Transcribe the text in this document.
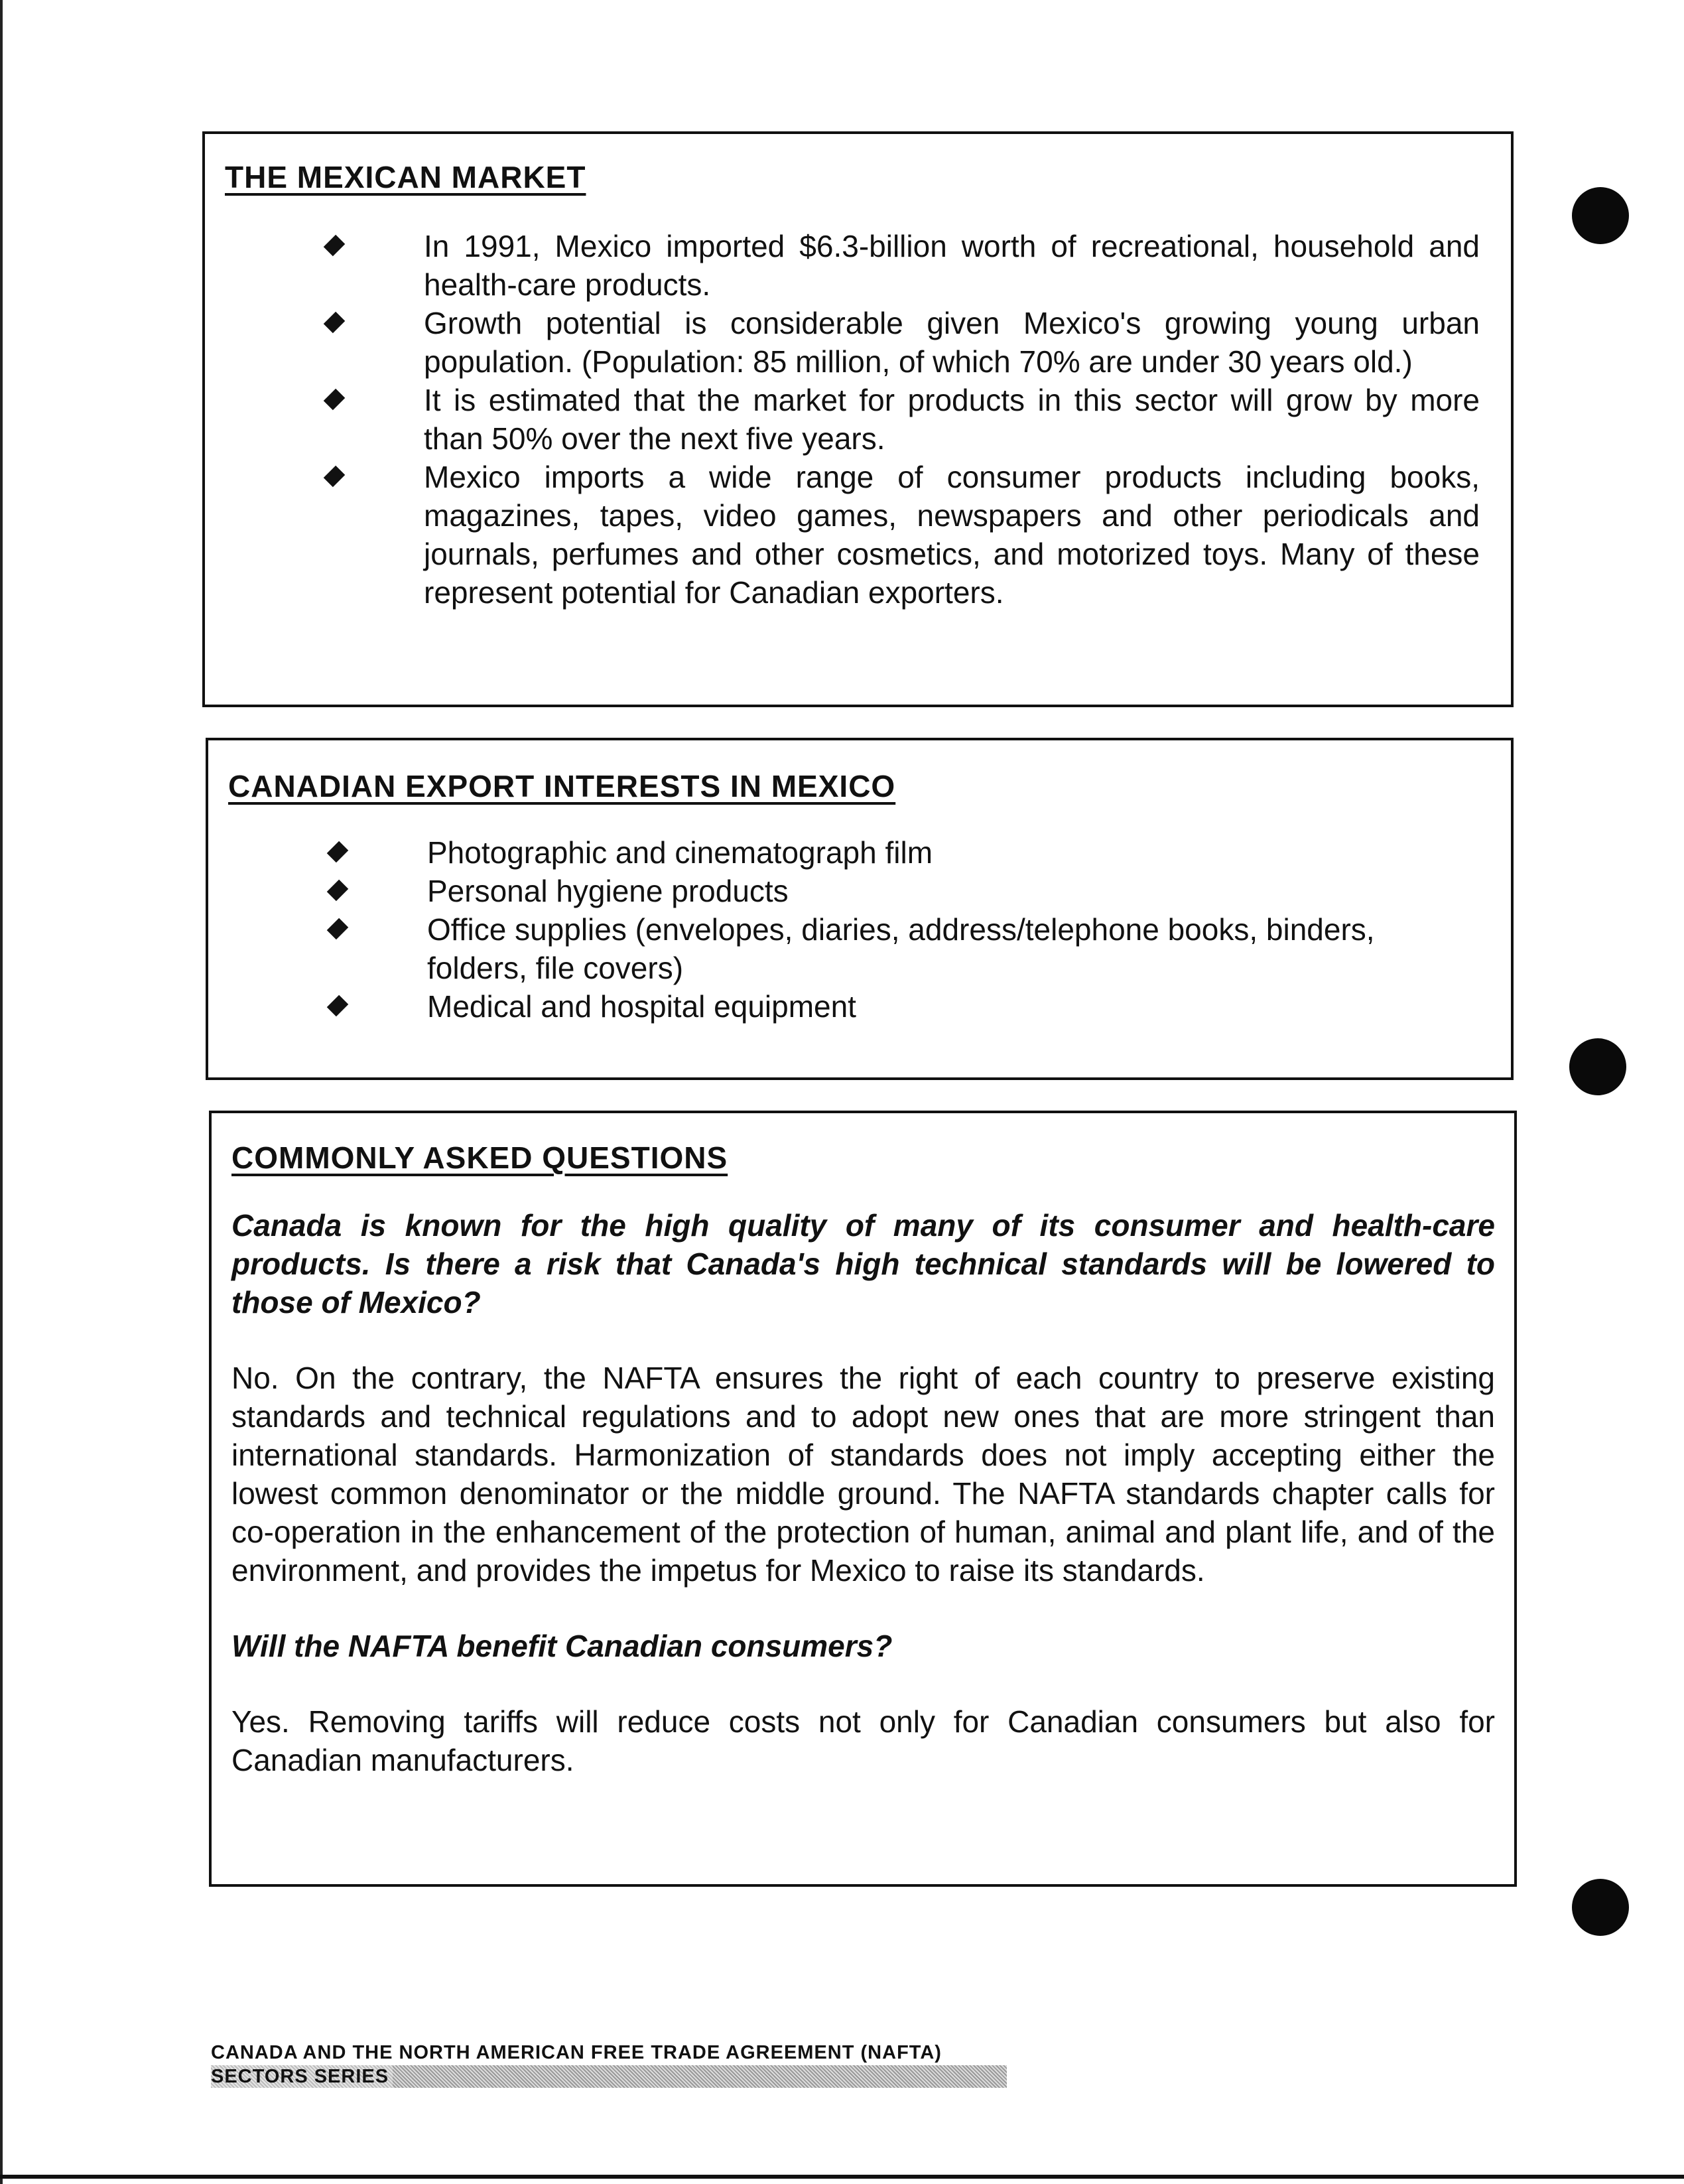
THE MEXICAN MARKET
In 1991, Mexico imported $6.3-billion worth of recreational, household and health-care products.
Growth potential is considerable given Mexico's growing young urban population. (Population: 85 million, of which 70% are under 30 years old.)
It is estimated that the market for products in this sector will grow by more than 50% over the next five years.
Mexico imports a wide range of consumer products including books, magazines, tapes, video games, newspapers and other periodicals and journals, perfumes and other cosmetics, and motorized toys. Many of these represent potential for Canadian exporters.
CANADIAN EXPORT INTERESTS IN MEXICO
Photographic and cinematograph film
Personal hygiene products
Office supplies (envelopes, diaries, address/telephone books, binders, folders, file covers)
Medical and hospital equipment
COMMONLY ASKED QUESTIONS

Canada is known for the high quality of many of its consumer and health-care products. Is there a risk that Canada's high technical standards will be lowered to those of Mexico?

No. On the contrary, the NAFTA ensures the right of each country to preserve existing standards and technical regulations and to adopt new ones that are more stringent than international standards. Harmonization of standards does not imply accepting either the lowest common denominator or the middle ground. The NAFTA standards chapter calls for co-operation in the enhancement of the protection of human, animal and plant life, and of the environment, and provides the impetus for Mexico to raise its standards.

Will the NAFTA benefit Canadian consumers?

Yes. Removing tariffs will reduce costs not only for Canadian consumers but also for Canadian manufacturers.

CANADA AND THE NORTH AMERICAN FREE TRADE AGREEMENT (NAFTA)
SECTORS SERIES
